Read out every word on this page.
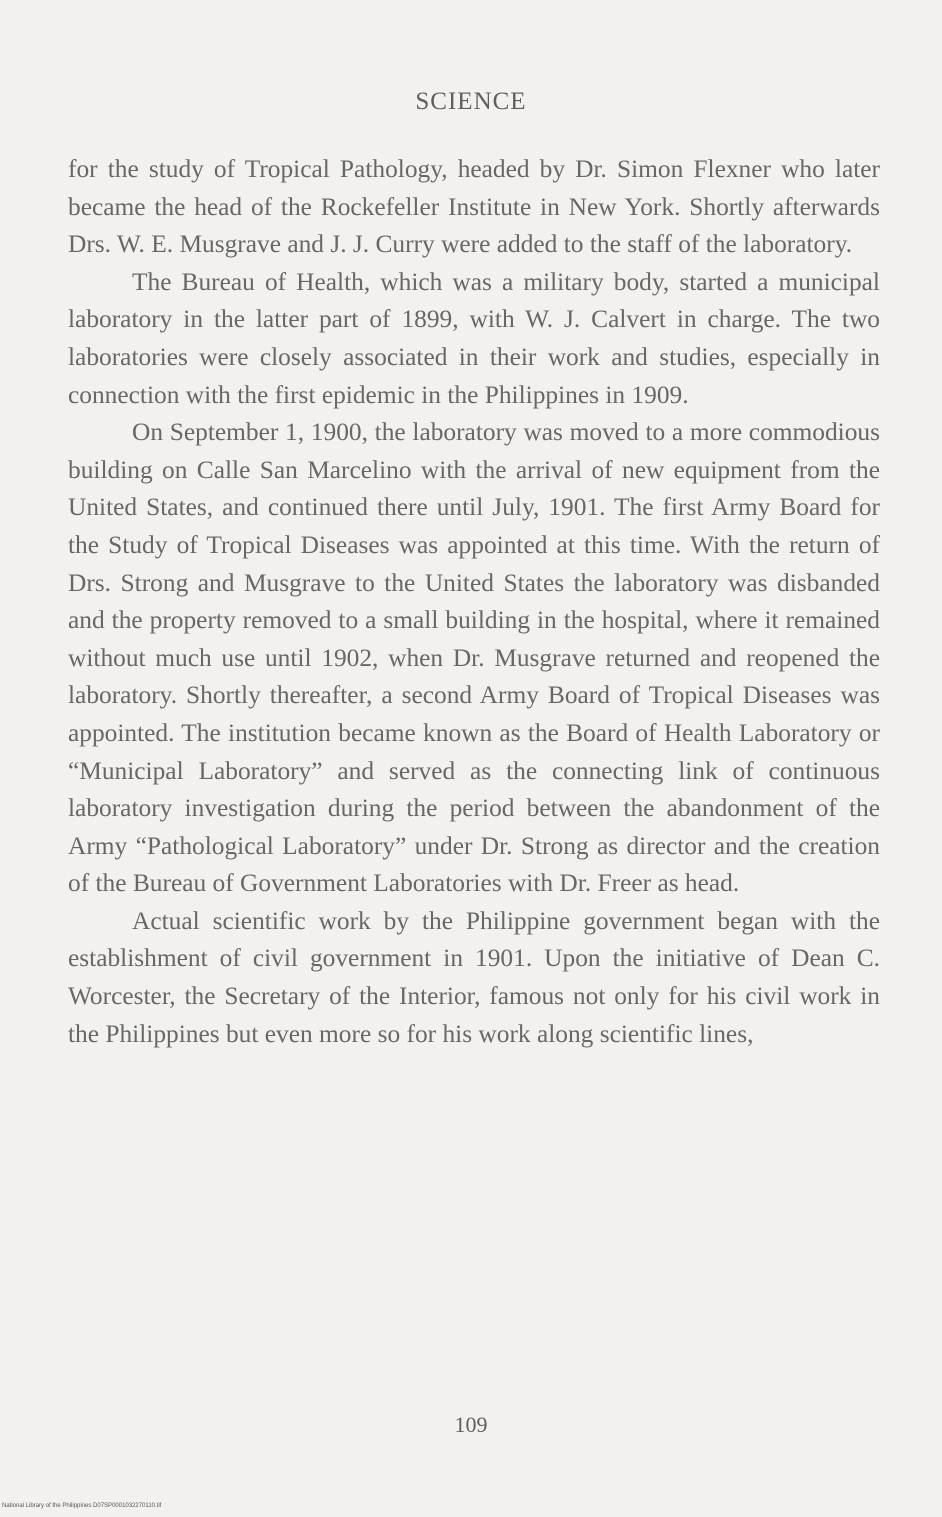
SCIENCE

for the study of Tropical Pathology, headed by Dr. Simon Flexner who later became the head of the Rockefeller Institute in New York. Shortly afterwards Drs. W. E. Musgrave and J. J. Curry were added to the staff of the laboratory.

The Bureau of Health, which was a military body, started a municipal laboratory in the latter part of 1899, with W. J. Calvert in charge. The two laboratories were closely associated in their work and studies, especially in connection with the first epidemic in the Philippines in 1909.

On September 1, 1900, the laboratory was moved to a more commodious building on Calle San Marcelino with the arrival of new equipment from the United States, and continued there until July, 1901. The first Army Board for the Study of Tropical Diseases was appointed at this time. With the return of Drs. Strong and Musgrave to the United States the laboratory was disbanded and the property removed to a small building in the hospital, where it remained without much use until 1902, when Dr. Musgrave returned and reopened the laboratory. Shortly thereafter, a second Army Board of Tropical Diseases was appointed. The institution became known as the Board of Health Laboratory or “Municipal Laboratory” and served as the connecting link of continuous laboratory investigation during the period between the abandonment of the Army “Pathological Laboratory” under Dr. Strong as director and the creation of the Bureau of Government Laboratories with Dr. Freer as head.

Actual scientific work by the Philippine government began with the establishment of civil government in 1901. Upon the initiative of Dean C. Worcester, the Secretary of the Interior, famous not only for his civil work in the Philippines but even more so for his work along scientific lines,

109
National Library of the Philippines D07SP0001032270110.tif
